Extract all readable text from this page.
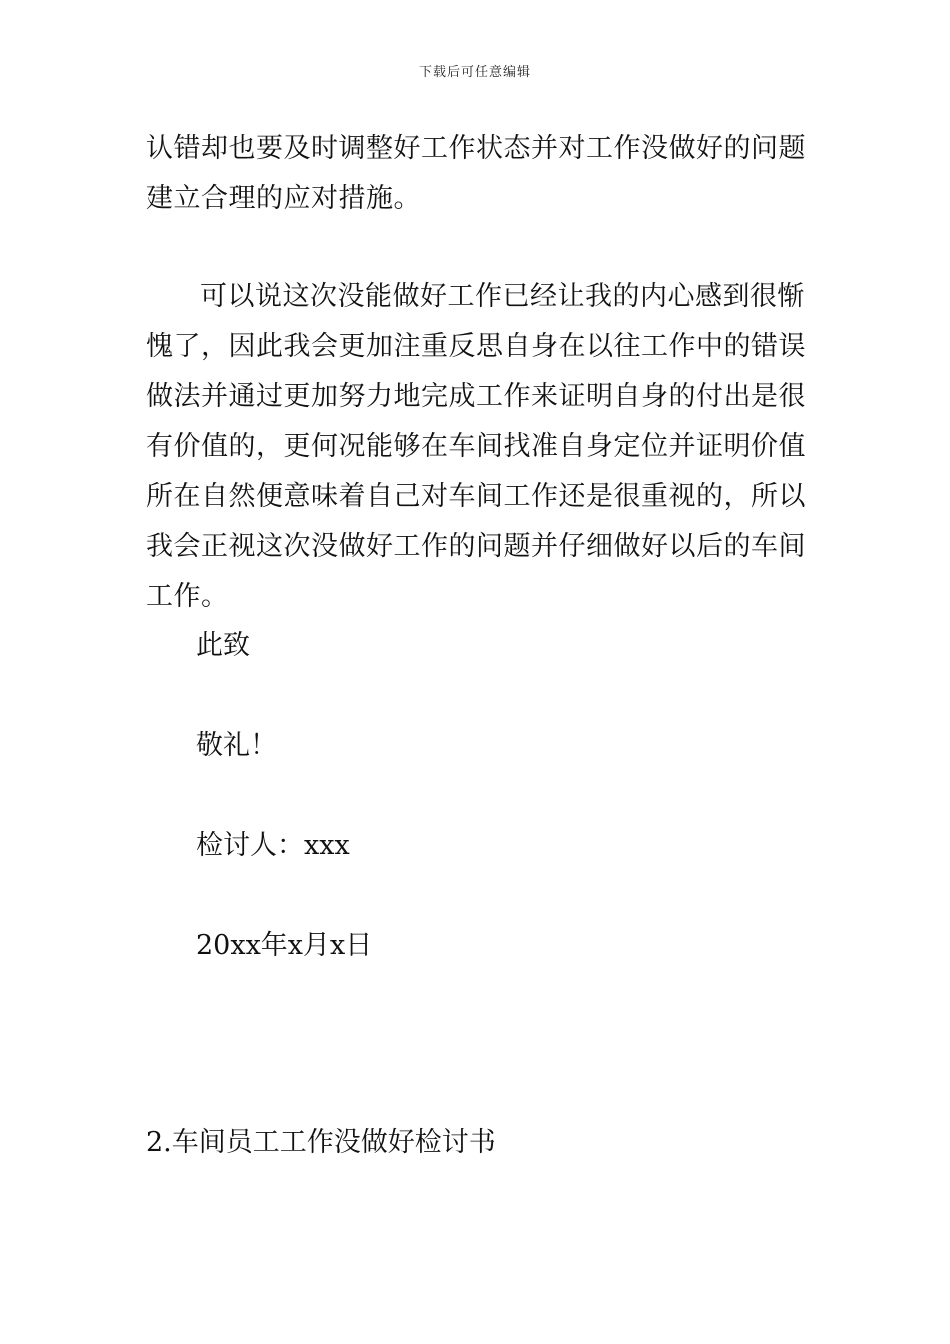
下载后可任意编辑

认错却也要及时调整好工作状态并对工作没做好的问题建立合理的应对措施。

可以说这次没能做好工作已经让我的内心感到很惭愧了，因此我会更加注重反思自身在以往工作中的错误做法并通过更加努力地完成工作来证明自身的付出是很有价值的，更何况能够在车间找准自身定位并证明价值所在自然便意味着自己对车间工作还是很重视的，所以我会正视这次没做好工作的问题并仔细做好以后的车间工作。

此致

敬礼！

检讨人：xxx

20xx年x月x日

2.车间员工工作没做好检讨书
